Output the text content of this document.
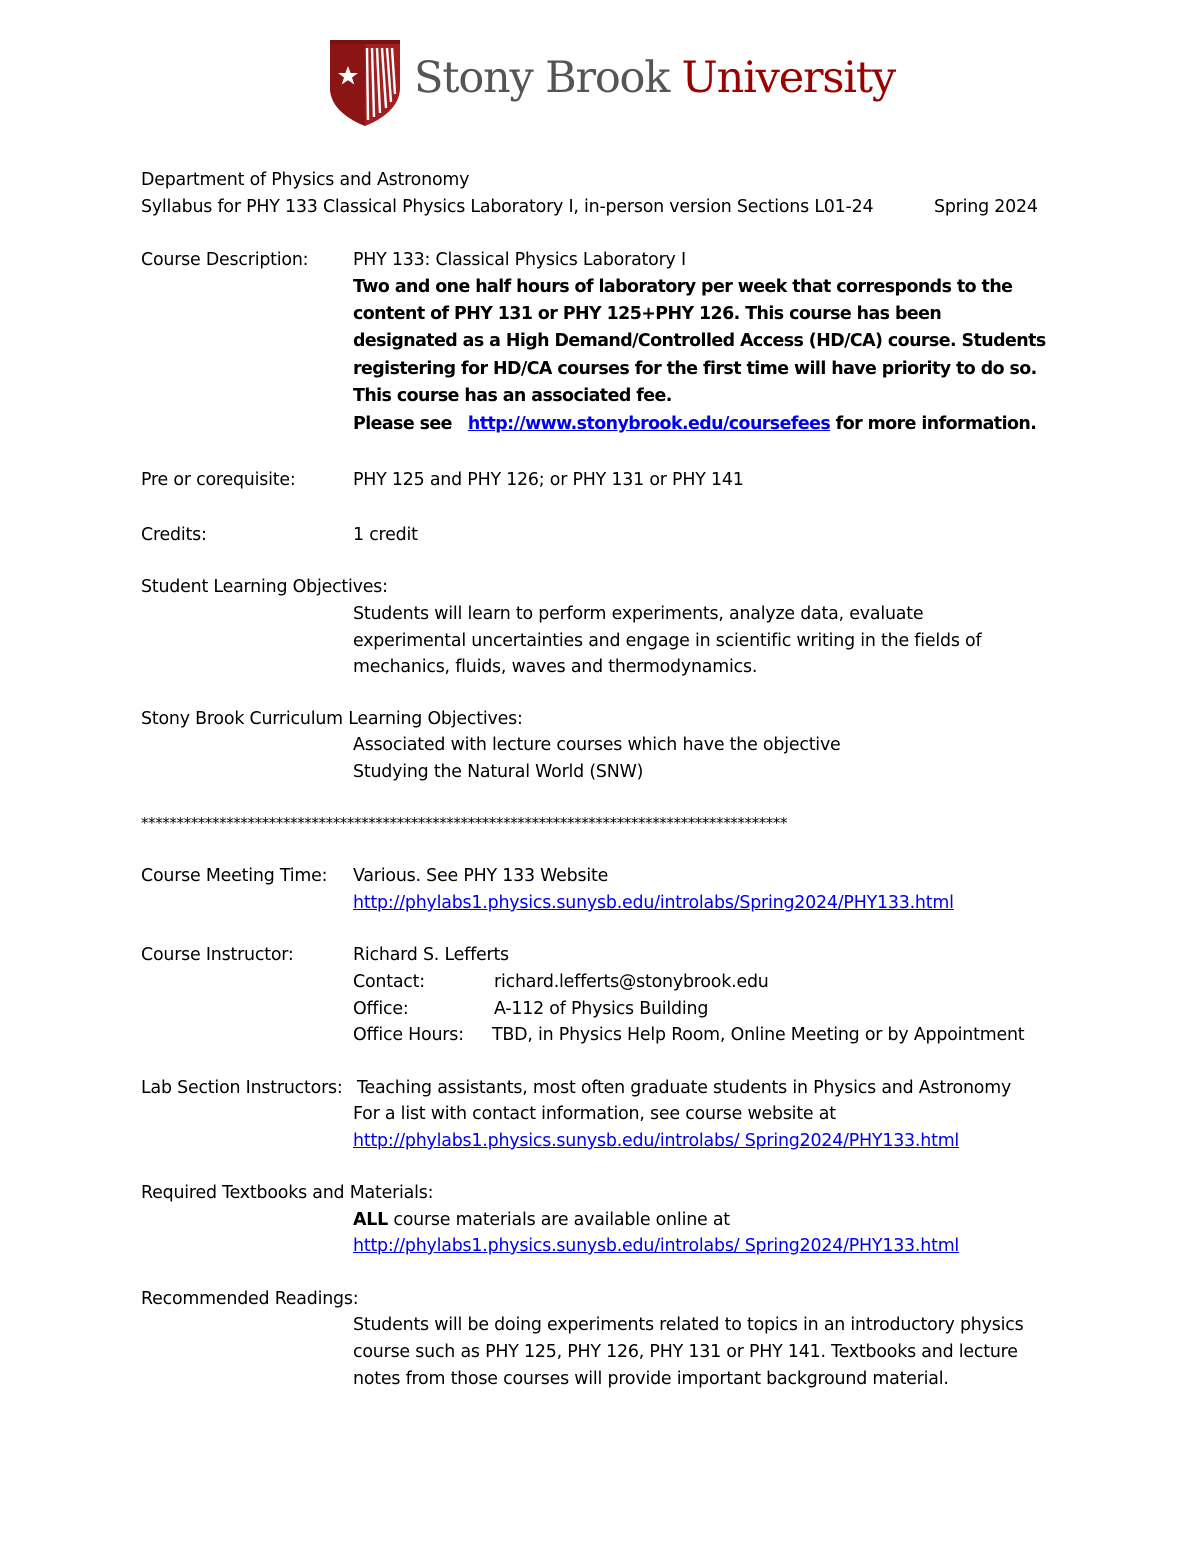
Stony Brook University
Department of Physics and Astronomy
Syllabus for PHY 133 Classical Physics Laboratory I, in-person version Sections L01-24	Spring 2024
Course Description:	PHY 133: Classical Physics Laboratory I
Two and one half hours of laboratory per week that corresponds to the
content of PHY 131 or PHY 125+PHY 126. This course has been
designated as a High Demand/Controlled Access (HD/CA) course. Students
registering for HD/CA courses for the first time will have priority to do so.
This course has an associated fee.
Please see http://www.stonybrook.edu/coursefees for more information.
Pre or corequisite:	PHY 125 and PHY 126; or PHY 131 or PHY 141
Credits:	1 credit
Student Learning Objectives:
Students will learn to perform experiments, analyze data, evaluate
experimental uncertainties and engage in scientific writing in the fields of
mechanics, fluids, waves and thermodynamics.
Stony Brook Curriculum Learning Objectives:
Associated with lecture courses which have the objective
Studying the Natural World (SNW)
*******************************************************************************************
Course Meeting Time: Various. See PHY 133 Website
http://phylabs1.physics.sunysb.edu/introlabs/Spring2024/PHY133.html
Course Instructor:	Richard S. Lefferts
Contact:	richard.lefferts@stonybrook.edu
Office:	A-112 of Physics Building
Office Hours: TBD, in Physics Help Room, Online Meeting or by Appointment
Lab Section Instructors: Teaching assistants, most often graduate students in Physics and Astronomy
For a list with contact information, see course website at
http://phylabs1.physics.sunysb.edu/introlabs/ Spring2024/PHY133.html
Required Textbooks and Materials:
ALL course materials are available online at
http://phylabs1.physics.sunysb.edu/introlabs/ Spring2024/PHY133.html
Recommended Readings:
Students will be doing experiments related to topics in an introductory physics
course such as PHY 125, PHY 126, PHY 131 or PHY 141. Textbooks and lecture
notes from those courses will provide important background material.
